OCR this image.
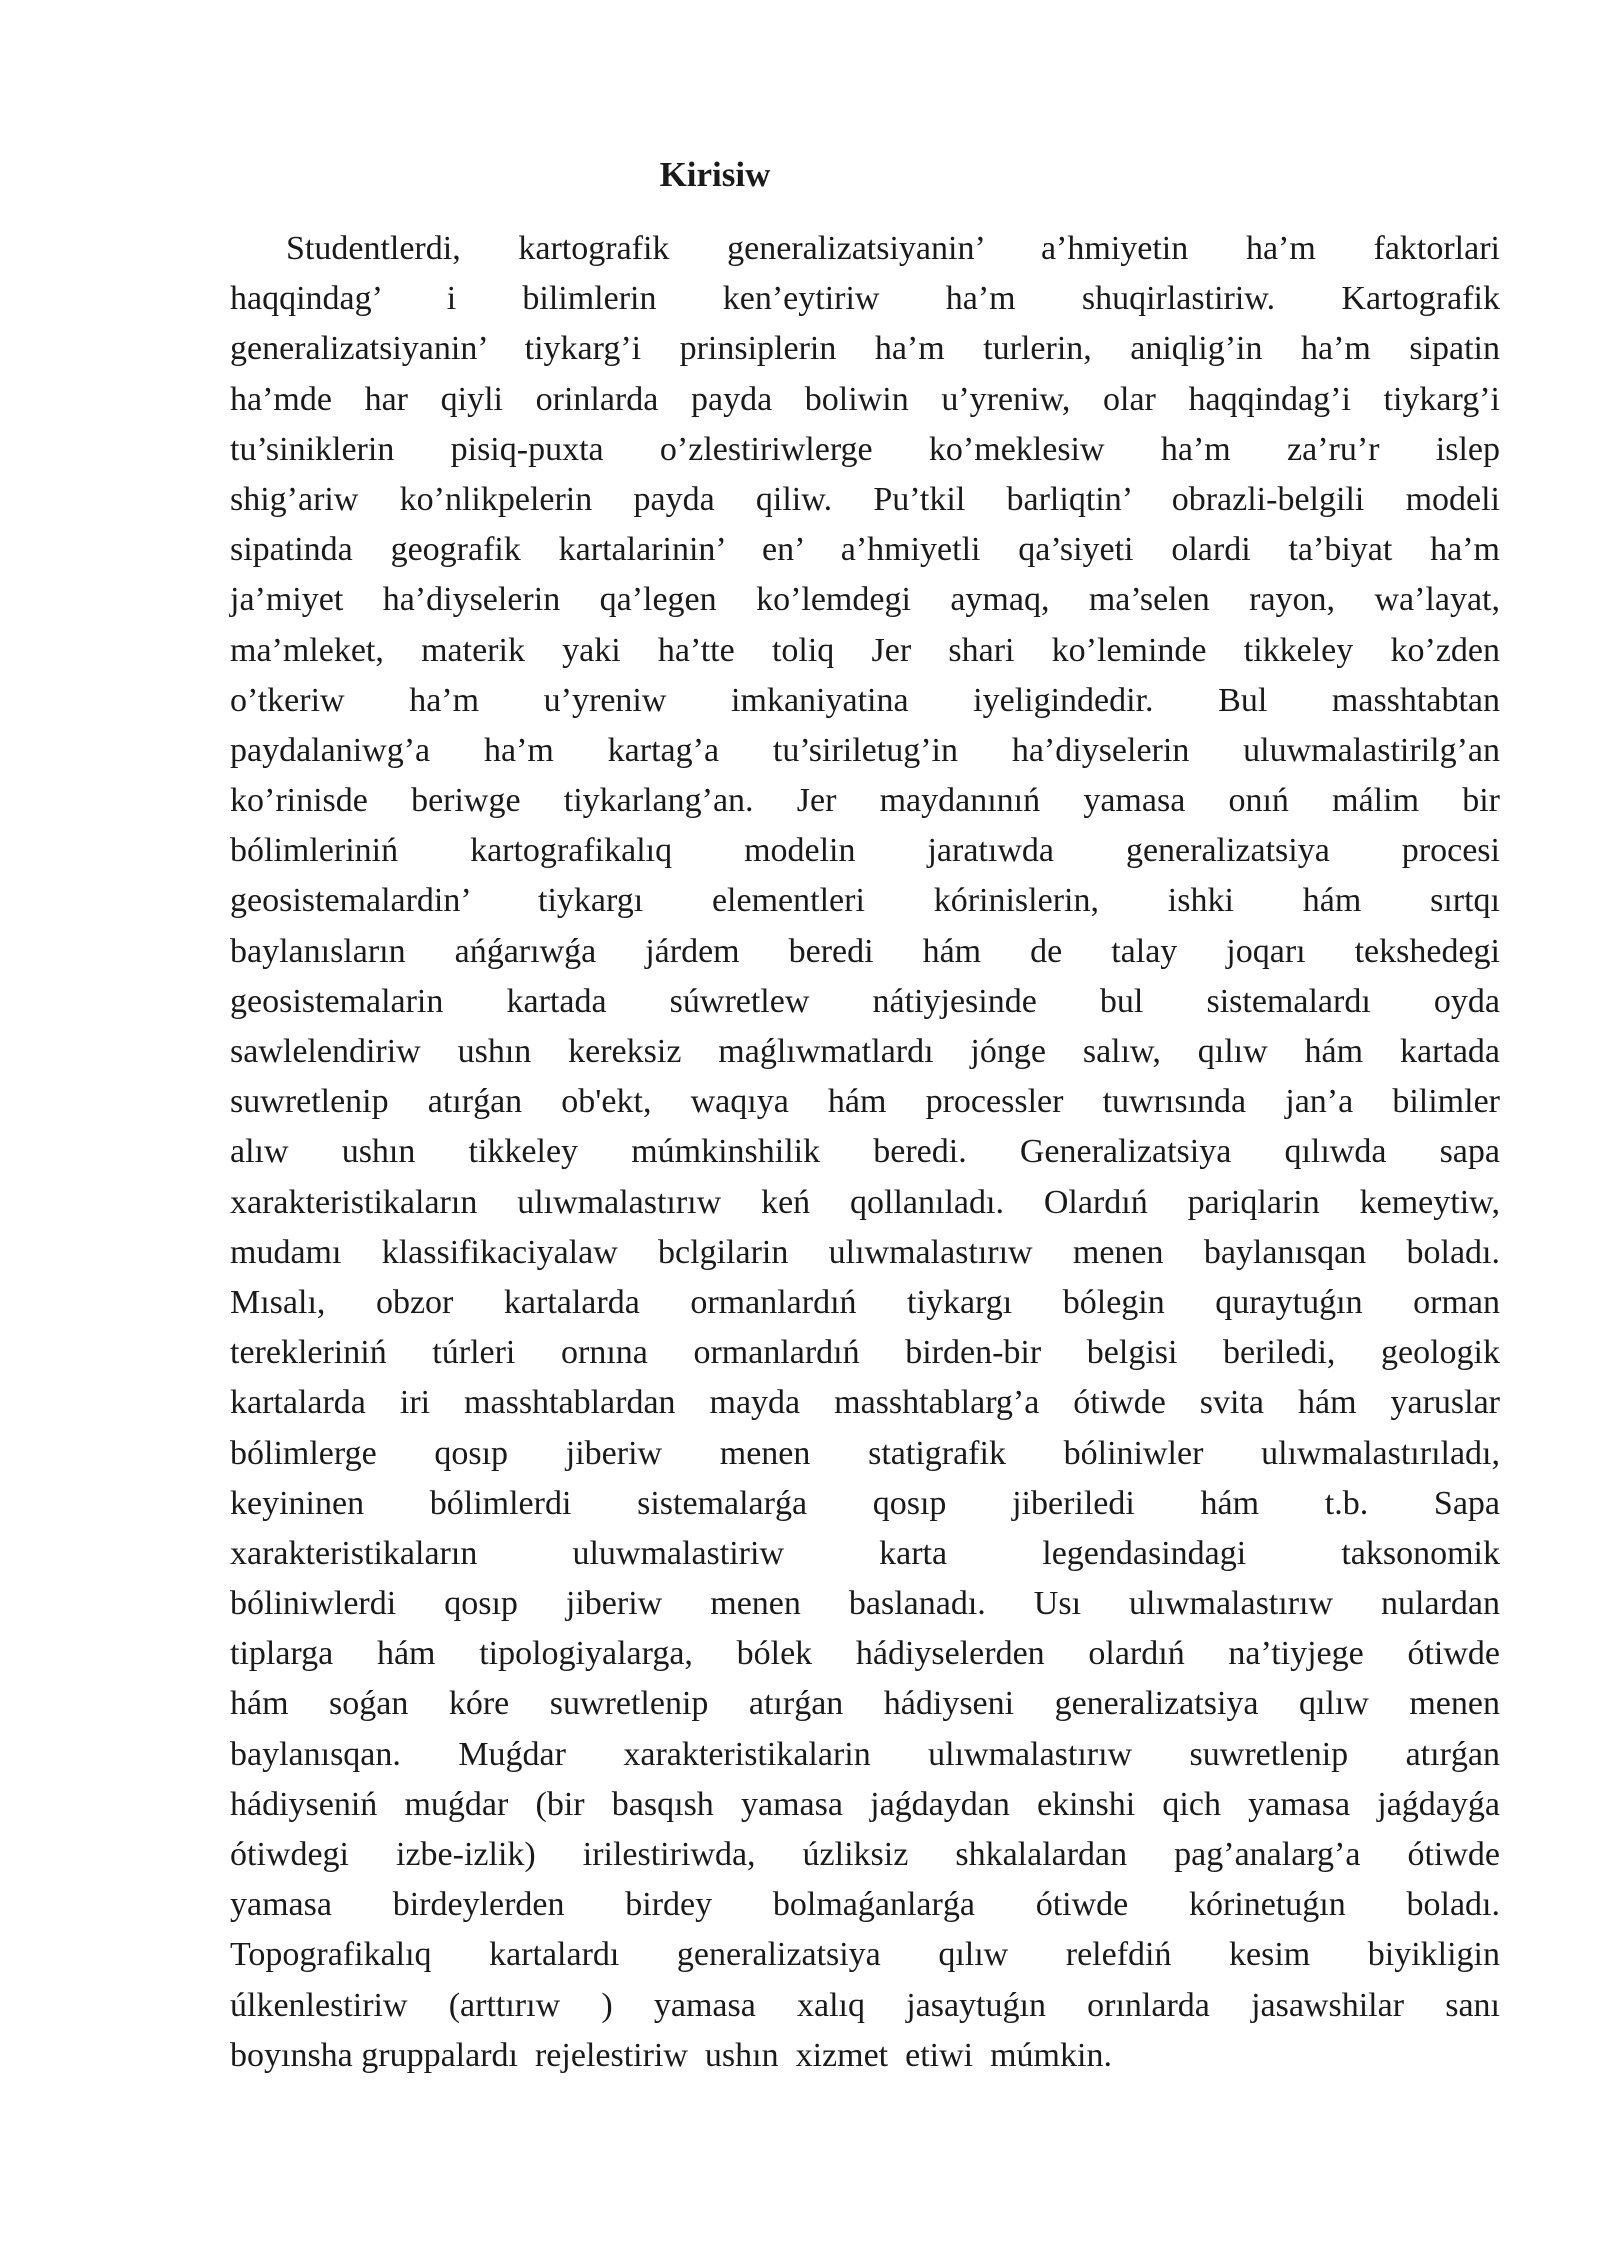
Kirisiw
Studentlerdi, kartografik generalizatsiyanin’ a’hmiyetin ha’m faktorlari
haqqindag’ i bilimlerin ken’eytiriw ha’m shuqirlastiriw. Kartografik
generalizatsiyanin’ tiykarg’i prinsiplerin ha’m turlerin, aniqlig’in ha’m sipatin
ha’mde har qiyli orinlarda payda boliwin u’yreniw, olar haqqindag’i tiykarg’i
tu’siniklerin pisiq-puxta o’zlestiriwlerge ko’meklesiw ha’m za’ru’r islep
shig’ariw ko’nlikpelerin payda qiliw. Pu’tkil barliqtin’ obrazli-belgili modeli
sipatinda geografik kartalarinin’ en’ a’hmiyetli qa’siyeti olardi ta’biyat ha’m
ja’miyet ha’diyselerin qa’legen ko’lemdegi aymaq, ma’selen rayon, wa’layat,
ma’mleket, materik yaki ha’tte toliq Jer shari ko’leminde tikkeley ko’zden
o’tkeriw ha’m u’yreniw imkaniyatina iyeligindedir. Bul masshtabtan
paydalaniwg’a ha’m kartag’a tu’siriletug’in ha’diyselerin uluwmalastirilg’an
ko’rinisde beriwge tiykarlang’an. Jer maydanınıń yamasa onıń málim bir
bólimleriniń kartografikalıq modelin jaratıwda generalizatsiya procesi
geosistemalardin’ tiykargı elementleri kórinislerin, ishki hám sırtqı
baylanısların ańǵarıwǵa járdem beredi hám de talay joqarı tekshedegi
geosistemalarin kartada súwretlew nátiyjesinde bul sistemalardı oyda
sawlelendiriw ushın kereksiz maǵlıwmatlardı jónge salıw, qılıw hám kartada
suwretlenip atırǵan ob'ekt, waqıya hám processler tuwrısında jan’a bilimler
alıw ushın tikkeley múmkinshilik beredi. Generalizatsiya qılıwda sapa
xarakteristikaların ulıwmalastırıw keń qollanıladı. Olardıń pariqlarin kemeytiw,
mudamı klassifikaciyalaw bclgilarin ulıwmalastırıw menen baylanısqan boladı.
Mısalı, obzor kartalarda ormanlardıń tiykargı bólegin quraytuǵın orman
terekleriniń túrleri ornına ormanlardıń birden-bir belgisi beriledi, geologik
kartalarda iri masshtablardan mayda masshtablarg’a ótiwde svita hám yaruslar
bólimlerge qosıp jiberiw menen statigrafik bóliniwler ulıwmalastırıladı,
keyininen bólimlerdi sistemalarǵa qosıp jiberiledi hám t.b. Sapa
xarakteristikaların uluwmalastiriw karta legendasindagi taksonomik
bóliniwlerdi qosıp jiberiw menen baslanadı. Usı ulıwmalastırıw nulardan
tiplarga hám tipologiyalarga, bólek hádiyselerden olardıń na’tiyjege ótiwde
hám soǵan kóre suwretlenip atırǵan hádiyseni generalizatsiya qılıw menen
baylanısqan. Muǵdar xarakteristikalarin ulıwmalastırıw suwretlenip atırǵan
hádiyseniń muǵdar (bir basqısh yamasa jaǵdaydan ekinshi qich yamasa jaǵdayǵa
ótiwdegi izbe-izlik) irilestiriwda, úzliksiz shkalalardan pag’analarg’a ótiwde
yamasa birdeylerden birdey bolmaǵanlarǵa ótiwde kórinetuǵın boladı.
Topografikalıq kartalardı generalizatsiya qılıw relefdiń kesim biyikligin
úlkenlestiriw (arttırıw ) yamasa xalıq jasaytuǵın orınlarda jasawshilar sanı
boyınsha gruppalardı  rejelestiriw  ushın  xizmet  etiwi  múmkin.
